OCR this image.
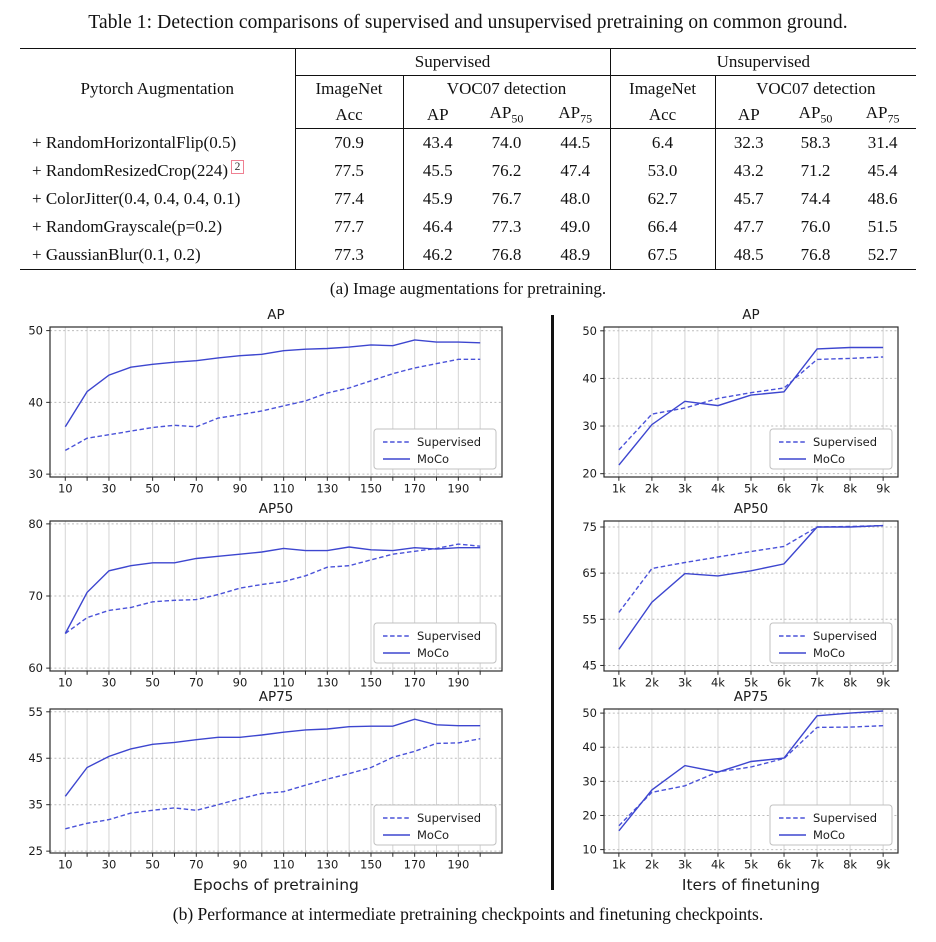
Table 1: Detection comparisons of supervised and unsupervised pretraining on common ground.
Pytorch Augmentation	Supervised				Unsupervised			
	ImageNet	VOC07 detection			ImageNet	VOC07 detection		
	Acc	AP	$AP_{50}$	$AP_{75}$	Acc	AP	$AP_{50}$	$AP_{75}$
+ RandomHorizontalFlip(0.5)	70.9	43.4	74.0	44.5	6.4	32.3	58.3	31.4
+ RandomResizedCrop(224) $^2$	77.5	45.5	76.2	47.4	53.0	43.2	71.2	45.4
+ ColorJitter(0.4, 0.4, 0.4, 0.1)	77.4	45.9	76.7	48.0	62.7	45.7	74.4	48.6
+ RandomGrayscale(p=0.2)	77.7	46.4	77.3	49.0	66.4	47.7	76.0	51.5
+ GaussianBlur(0.1, 0.2)	77.3	46.2	76.8	48.9	67.5	48.5	76.8	52.7
(a) Image augmentations for pretraining.
10	30	50	70	90 110 130 150 170 190
30
40
50
Supervised
MoCo
AP
10	30	50	70	90 110 130 150 170 190
60
70
80
Supervised
MoCo
AP50
10	30	50	70	90 110 130 150 170 190
25
35
45
55
Supervised
MoCo
AP75
Epochs of pretraining
1k 2k 3k 4k 5k 6k 7k 8k 9k
20
30
40
50
Supervised
MoCo
AP
1k 2k 3k 4k 5k 6k 7k 8k 9k
45
55
65
75
Supervised
MoCo
AP50
1k 2k 3k 4k 5k 6k 7k 8k 9k
10
20
30
40
50
Supervised
MoCo
AP75
Iters of finetuning
(b) Performance at intermediate pretraining checkpoints and finetuning checkpoints.
